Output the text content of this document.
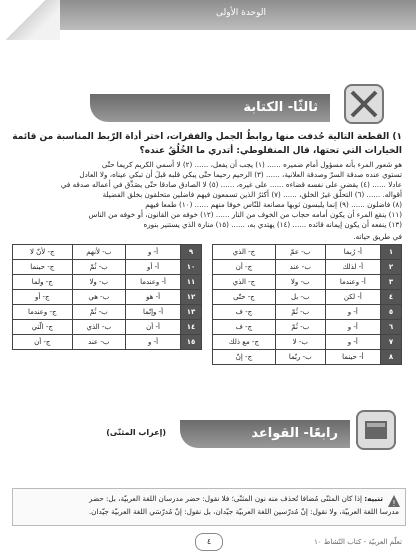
الوحدة الأولى
ثالثًا- الكتابة
١) القطعة التالية حُذفت منها روابطُ الجمل والفقرات، اختر أداة الرّبط المناسبة من قائمة
الخيارات التي تحتها، قال المنفلوطي: أتدري ما الخُلُقُ عنده؟
هو شعور المرء بأنه مسؤول أمام ضميره ...... (١) يجب أن يفعل، ...... (٢) لا أسمي الكريم كريما حتّى
تستوي عنده صدقة السرّ وصدقة العلانية، ...... (٣) الرحيم رحيما حتّى يبكي قلبه قبلَ أن تبكي عيناه، ولا العادل
عادلا ...... (٤) يقضي على نفسه قضاءه ...... على غيره، ...... (٥) لا الصادق صادقا حتّى يصَدِّق في أعماله صدقه في
أقواله. ...... (٦) التحلّق غيرُ الخلق، ...... (٧) أكثرُ الذين تسمعون فيهم فاضلين متحلقون بخلق الفضيلة
(٨) فاضلون ...... (٩) إنما يلبسون ثوبها مصانعة للنّاس خوفا منهم ...... (١٠) طمعا فيهم
(١١) ينقع المرء أن يكون أمامه حجاب من الخوف من النار ...... (١٢) خوفه من القانون، أو خوفه من الناس
(١٣) ينفعه أن يكون إيمانه قائده ...... (١٤) يهتدي به، ...... (١٥) منارة الذي يستنير بنوره
في طريق حياته.
١	أ- رُبما	ب- عمّ	ج- الذي
٢	أ- لذلك	ب- عند	ج- أن
٣	أ- وعندما	ب- ولا	ج- الذي
٤	أ- لكن	ب- بل	ج- حتّى
٥	أ- و	ب- ثُمّ	ج- ف
٦	أ- و	ب- ثُمّ	ج- ف
٧	أ- و	ب- لا	ج- مع ذلك
٨	أ- حينما	ب- ربّما	ج- إنّ
٩	أ- و	ب- لأنهم	ج- لأنّ لا
١٠	أ- أو	ب- ثُمّ	ج- حينما
١١	أ- وعندما	ب- ولا	ج- ولما
١٢	أ- هو	ب- هي	ج- أو
١٣	أ- وإنّما	ب- ثُمّ	ج- وعندما
١٤	أ- أن	ب- الذي	ج- الّتي
١٥	أ- و	ب- عند	ج- أن
رابعًا- القواعد
(إعراب المثنّى)
تنبيه: إذا كان المثنّى مُضافا تُحذف منه نون المثنّى؛ فلا نقول: حضر مدرسان اللغة العربيّة، بل: حضر
مدرسا اللغة العربيّة، ولا نقول: إنّ مُدرّسين اللغة العربيّة جيّدان، بل نقول: إنّ مُدرّسَي اللغة العربيّة جيّدان.
!
٤	تعلّم العربيّة - كتاب النّشاط ١٠
